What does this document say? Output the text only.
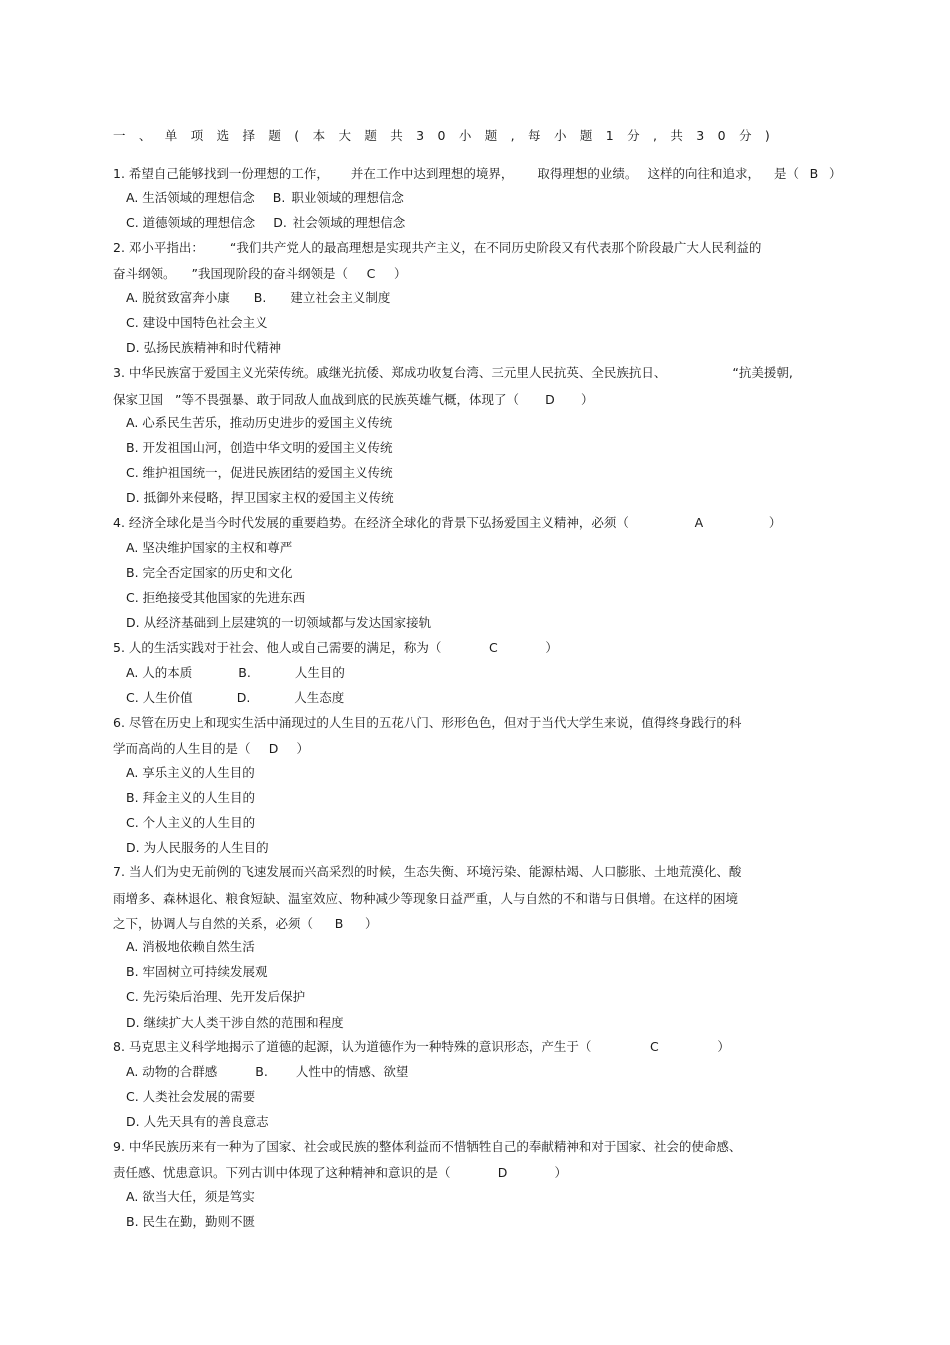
一、单项选择题(本大题共30小题,每小题1分,共30分)
1. 希望自己能够找到一份理想的工作， 并在工作中达到理想的境界， 取得理想的业绩。 这样的向往和追求， 是（ B ）
A. 生活领域的理想信念 B. 职业领域的理想信念
C. 道德领域的理想信念 D. 社会领域的理想信念
2. 邓小平指出： “我们共产党人的最高理想是实现共产主义，在不同历史阶段又有代表那个阶段最广大人民利益的
奋斗纲领。 ”我国现阶段的奋斗纲领是（ C ）
A. 脱贫致富奔小康 B. 建立社会主义制度
C. 建设中国特色社会主义
D. 弘扬民族精神和时代精神
3. 中华民族富于爱国主义光荣传统。戚继光抗倭、郑成功收复台湾、三元里人民抗英、全民族抗日、	“抗美援朝,
保家卫国 ”等不畏强暴、敢于同敌人血战到底的民族英雄气概，体现了（ D ）
A. 心系民生苦乐，推动历史进步的爱国主义传统
B. 开发祖国山河，创造中华文明的爱国主义传统
C. 维护祖国统一，促进民族团结的爱国主义传统
D. 抵御外来侵略，捍卫国家主权的爱国主义传统
4. 经济全球化是当今时代发展的重要趋势。在经济全球化的背景下弘扬爱国主义精神，必须（	A	）
A. 坚决维护国家的主权和尊严
B. 完全否定国家的历史和文化
C. 拒绝接受其他国家的先进东西
D. 从经济基础到上层建筑的一切领域都与发达国家接轨
5. 人的生活实践对于社会、他人或自己需要的满足，称为（	C	）
A. 人的本质	B.	人生目的
C. 人生价值	D.	人生态度
6. 尽管在历史上和现实生活中涌现过的人生目的五花八门、形形色色，但对于当代大学生来说，值得终身践行的科
学而高尚的人生目的是（ D ）
A. 享乐主义的人生目的
B. 拜金主义的人生目的
C. 个人主义的人生目的
D. 为人民服务的人生目的
7. 当人们为史无前例的飞速发展而兴高采烈的时候，生态失衡、环境污染、能源枯竭、人口膨胀、土地荒漠化、酸
雨增多、森林退化、粮食短缺、温室效应、物种减少等现象日益严重，人与自然的不和谐与日俱增。在这样的困境
之下，协调人与自然的关系，必须（ B ）
A. 消极地依赖自然生活
B. 牢固树立可持续发展观
C. 先污染后治理、先开发后保护
D. 继续扩大人类干涉自然的范围和程度
8. 马克思主义科学地揭示了道德的起源，认为道德作为一种特殊的意识形态，产生于（	C	）
A. 动物的合群感	B. 人性中的情感、欲望
C. 人类社会发展的需要
D. 人先天具有的善良意志
9. 中华民族历来有一种为了国家、社会或民族的整体利益而不惜牺牲自己的奉献精神和对于国家、社会的使命感、
责任感、忧患意识。下列古训中体现了这种精神和意识的是（	D	）
A. 欲当大任，须是笃实
B. 民生在勤，勤则不匮
